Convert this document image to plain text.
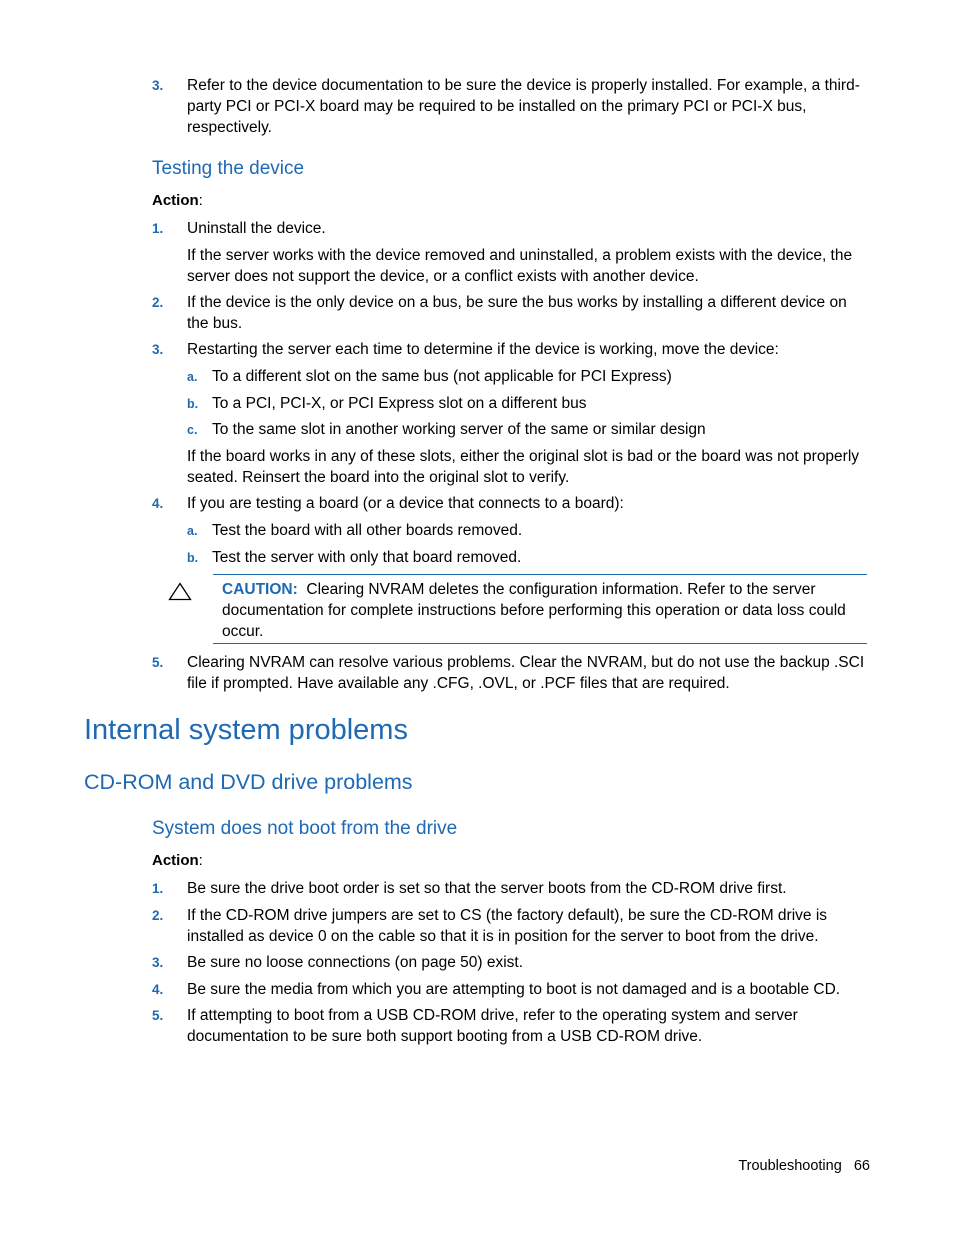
3. Refer to the device documentation to be sure the device is properly installed. For example, a third-party PCI or PCI-X board may be required to be installed on the primary PCI or PCI-X bus, respectively.
Testing the device
Action:
1. Uninstall the device.
If the server works with the device removed and uninstalled, a problem exists with the device, the server does not support the device, or a conflict exists with another device.
2. If the device is the only device on a bus, be sure the bus works by installing a different device on the bus.
3. Restarting the server each time to determine if the device is working, move the device:
a. To a different slot on the same bus (not applicable for PCI Express)
b. To a PCI, PCI-X, or PCI Express slot on a different bus
c. To the same slot in another working server of the same or similar design
If the board works in any of these slots, either the original slot is bad or the board was not properly seated. Reinsert the board into the original slot to verify.
4. If you are testing a board (or a device that connects to a board):
a. Test the board with all other boards removed.
b. Test the server with only that board removed.
CAUTION: Clearing NVRAM deletes the configuration information. Refer to the server documentation for complete instructions before performing this operation or data loss could occur.
5. Clearing NVRAM can resolve various problems. Clear the NVRAM, but do not use the backup .SCI file if prompted. Have available any .CFG, .OVL, or .PCF files that are required.
Internal system problems
CD-ROM and DVD drive problems
System does not boot from the drive
Action:
1. Be sure the drive boot order is set so that the server boots from the CD-ROM drive first.
2. If the CD-ROM drive jumpers are set to CS (the factory default), be sure the CD-ROM drive is installed as device 0 on the cable so that it is in position for the server to boot from the drive.
3. Be sure no loose connections (on page 50) exist.
4. Be sure the media from which you are attempting to boot is not damaged and is a bootable CD.
5. If attempting to boot from a USB CD-ROM drive, refer to the operating system and server documentation to be sure both support booting from a USB CD-ROM drive.
Troubleshooting 66
